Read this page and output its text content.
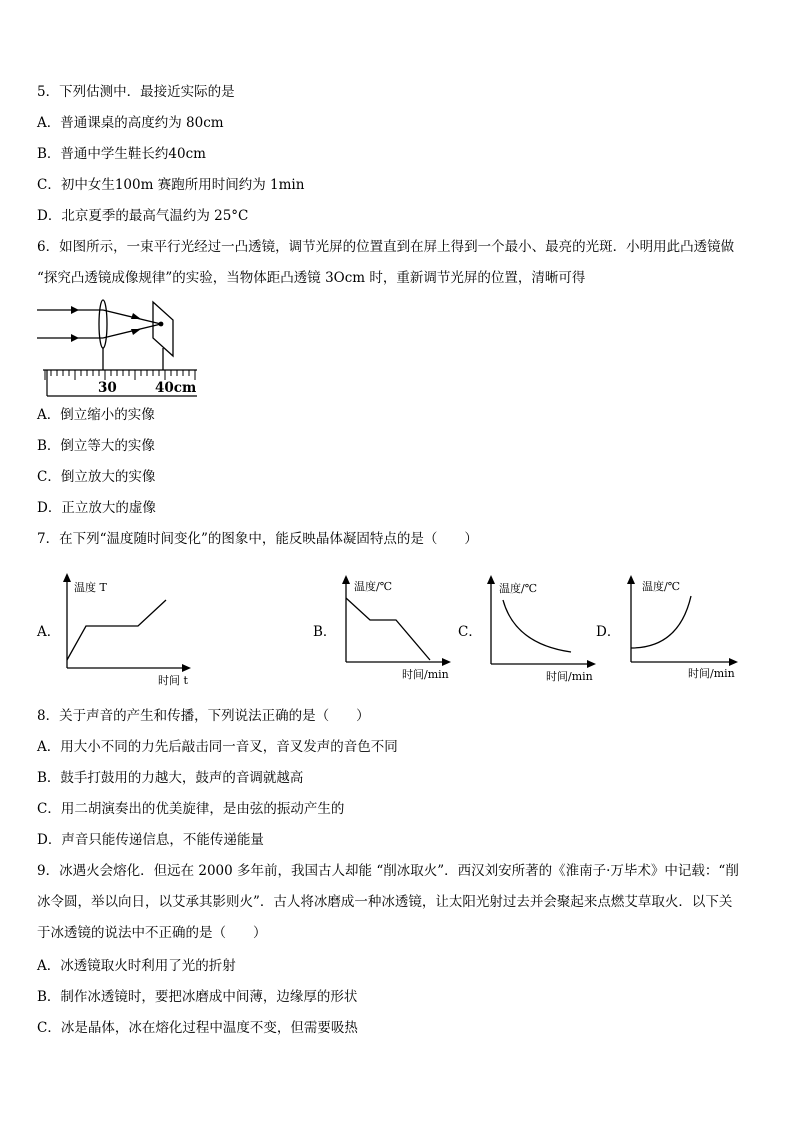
5．下列估测中．最接近实际的是
A．普通课桌的高度约为 80cm
B．普通中学生鞋长约40cm
C．初中女生100m 赛跑所用时间约为 1min
D．北京夏季的最高气温约为 25°C
6．如图所示，一束平行光经过一凸透镜，调节光屏的位置直到在屏上得到一个最小、最亮的光斑．小明用此凸透镜做
“探究凸透镜成像规律”的实验，当物体距凸透镜 3Ocm 时，重新调节光屏的位置，清晰可得
30	40cm
A．倒立缩小的实像
B．倒立等大的实像
C．倒立放大的实像
D．正立放大的虚像
7．在下列“温度随时间变化”的图象中，能反映晶体凝固特点的是（　　）
A．
温度 T
时间 t
B．
温度/℃
时间/min
C．
温度/℃
时间/min
D．
温度/℃
时间/min
8．关于声音的产生和传播，下列说法正确的是（　　）
A．用大小不同的力先后敲击同一音叉，音叉发声的音色不同
B．鼓手打鼓用的力越大，鼓声的音调就越高
C．用二胡演奏出的优美旋律，是由弦的振动产生的
D．声音只能传递信息，不能传递能量
9．冰遇火会熔化．但远在 2000 多年前，我国古人却能 “削冰取火”．西汉刘安所著的《淮南子·万毕术》中记载：“削
冰令圆，举以向日，以艾承其影则火”．古人将冰磨成一种冰透镜，让太阳光射过去并会聚起来点燃艾草取火．以下关
于冰透镜的说法中不正确的是（　　）
A．冰透镜取火时利用了光的折射
B．制作冰透镜时，要把冰磨成中间薄，边缘厚的形状
C．冰是晶体，冰在熔化过程中温度不变，但需要吸热
